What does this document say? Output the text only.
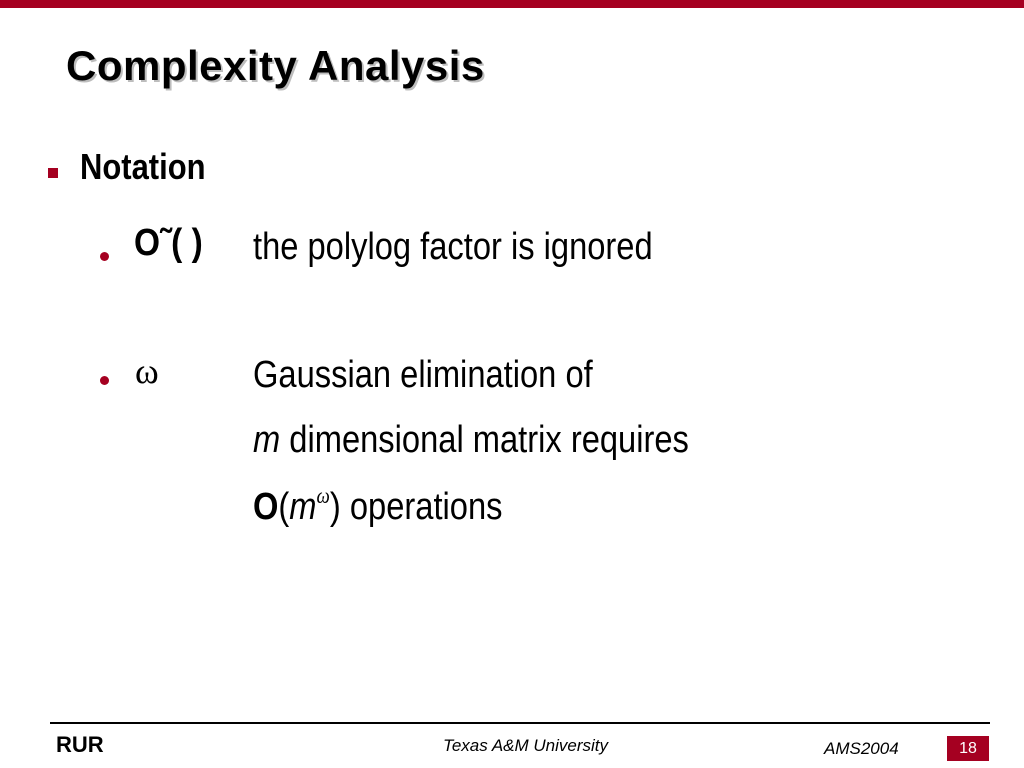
Complexity Analysis
Notation
O˜( ) the polylog factor is ignored
ω Gaussian elimination of
m dimensional matrix requires
$O(m^\omega)$ operations
RUR	Texas A&M University	AMS2004	18
